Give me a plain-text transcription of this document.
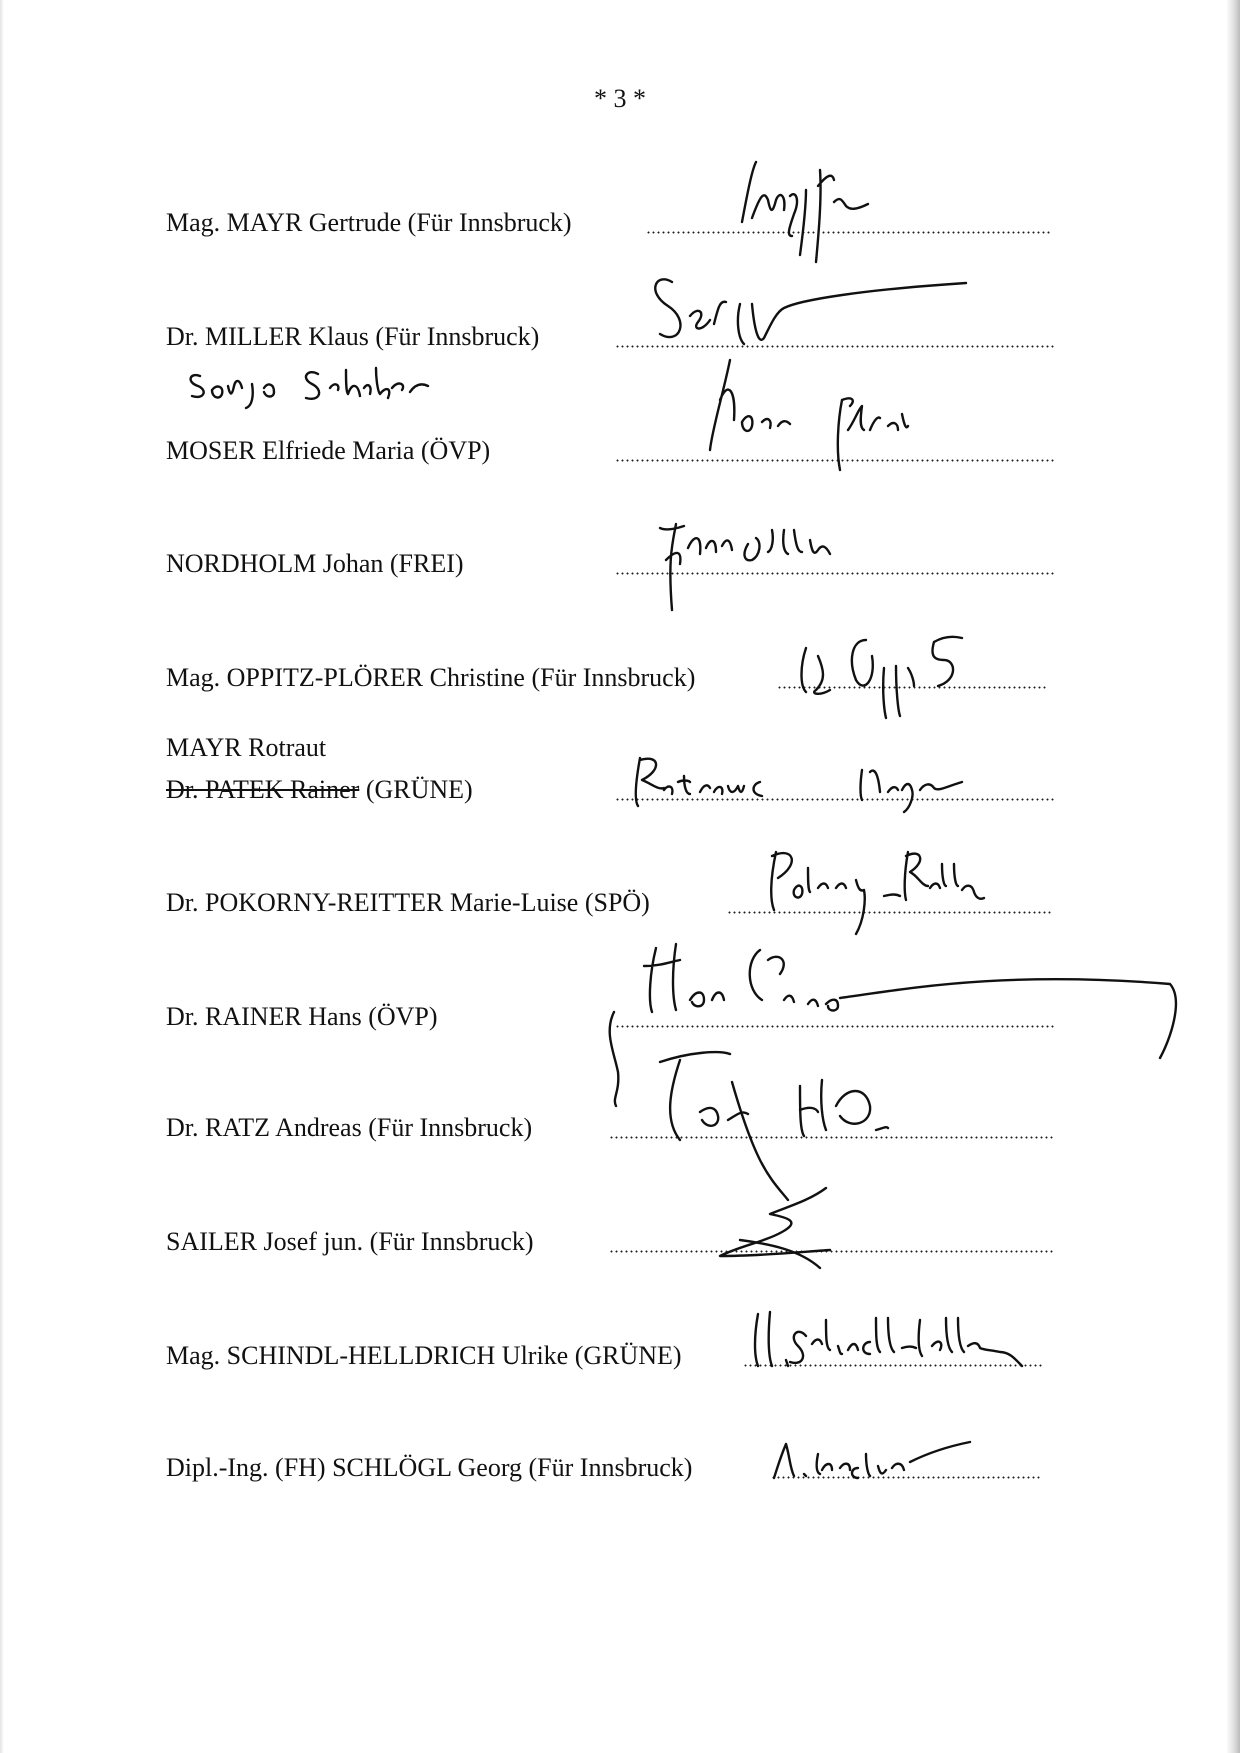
* 3 *
Mag. MAYR Gertrude (Für Innsbruck)
Dr. MILLER Klaus (Für Innsbruck)
MOSER Elfriede Maria (ÖVP)
NORDHOLM Johan (FREI)
Mag. OPPITZ-PLÖRER Christine (Für Innsbruck)
MAYR Rotraut
Dr. PATEK Rainer (GRÜNE)
Dr. POKORNY-REITTER Marie-Luise (SPÖ)
Dr. RAINER Hans (ÖVP)
Dr. RATZ Andreas (Für Innsbruck)
SAILER Josef jun. (Für Innsbruck)
Mag. SCHINDL-HELLDRICH Ulrike (GRÜNE)
Dipl.-Ing. (FH) SCHLÖGL Georg (Für Innsbruck)
